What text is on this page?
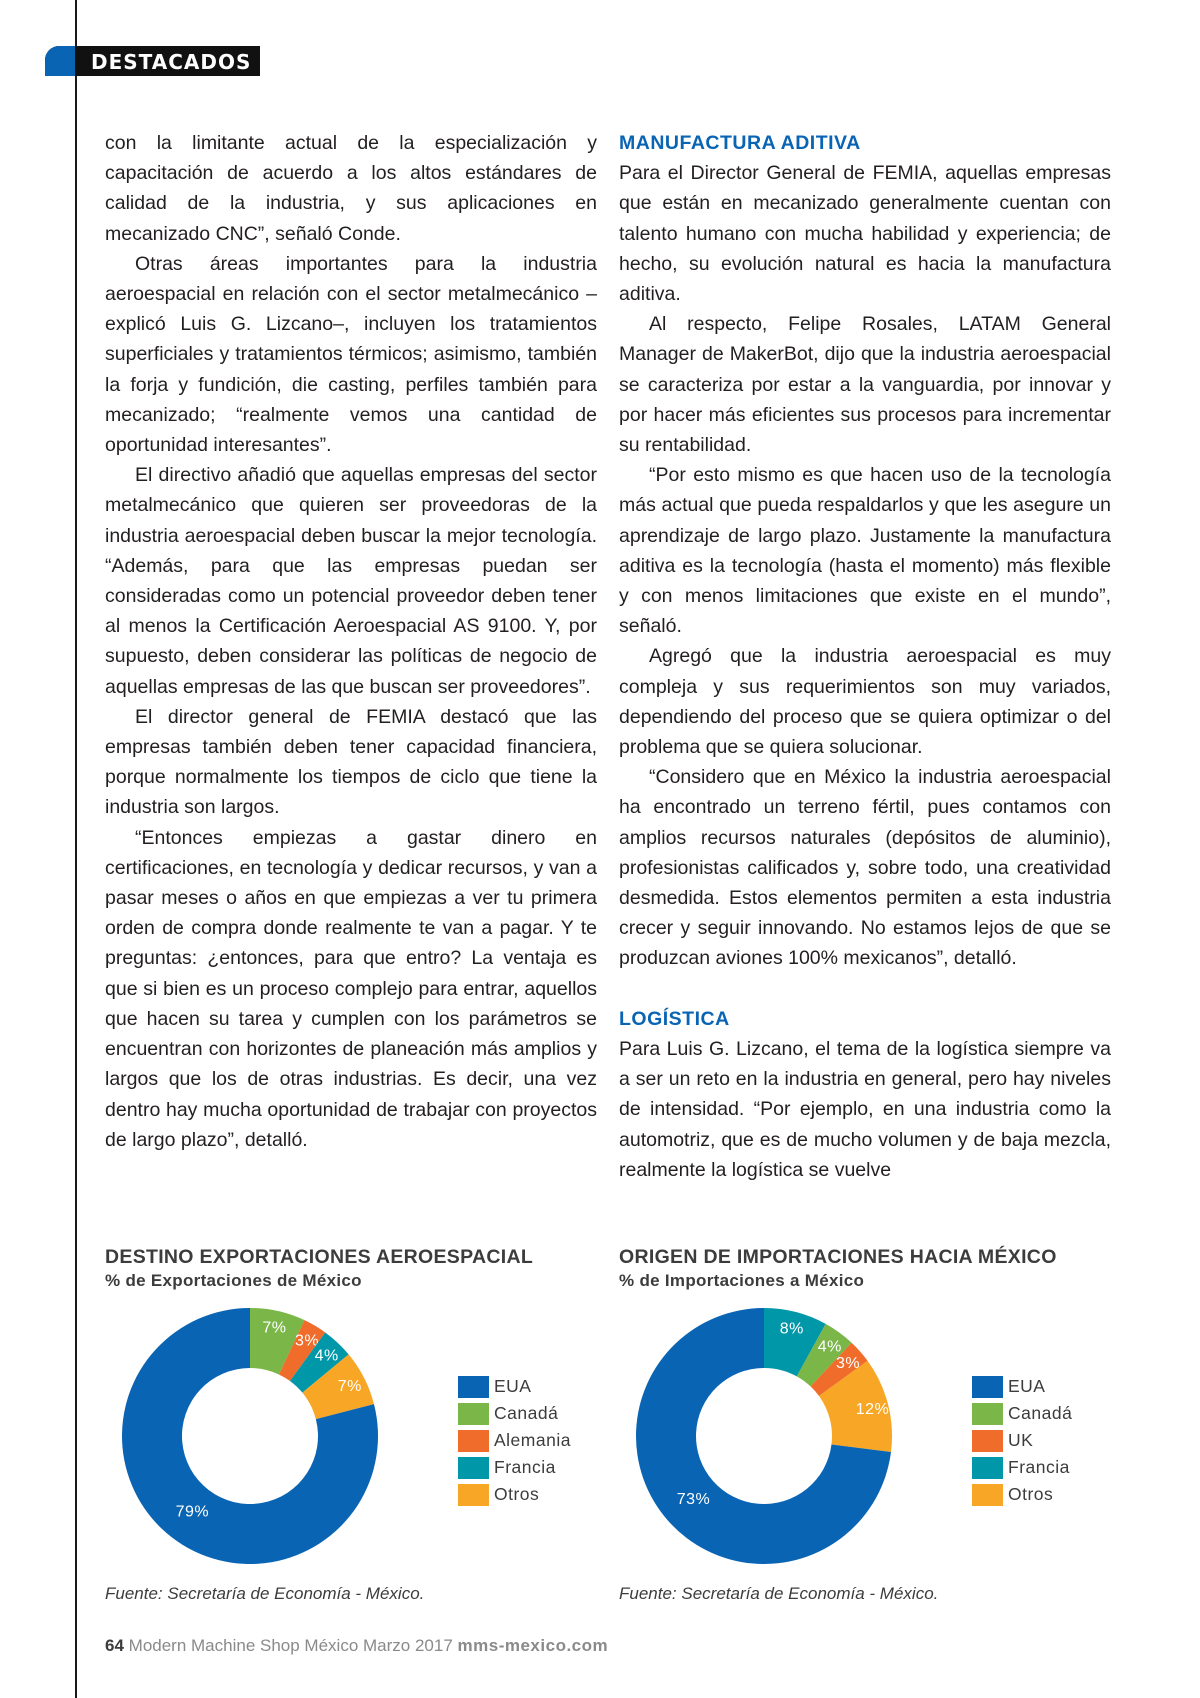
DESTACADOS

con la limitante actual de la especialización y capacitación de acuerdo a los altos estándares de calidad de la industria, y sus aplicaciones en mecanizado CNC”, señaló Conde.

Otras áreas importantes para la industria aeroespacial en relación con el sector metalmecánico –explicó Luis G. Lizcano–, incluyen los tratamientos superficiales y tratamientos térmicos; asimismo, también la forja y fundición, die casting, perfiles también para mecanizado; “realmente vemos una cantidad de oportunidad interesantes”.

El directivo añadió que aquellas empresas del sector metalmecánico que quieren ser proveedoras de la industria aeroespacial deben buscar la mejor tecnología. “Además, para que las empresas puedan ser consideradas como un potencial proveedor deben tener al menos la Certificación Aeroespacial AS 9100. Y, por supuesto, deben considerar las políticas de negocio de aquellas empresas de las que buscan ser proveedores”.

El director general de FEMIA destacó que las empresas también deben tener capacidad financiera, porque normalmente los tiempos de ciclo que tiene la industria son largos.

“Entonces empiezas a gastar dinero en certificaciones, en tecnología y dedicar recursos, y van a pasar meses o años en que empiezas a ver tu primera orden de compra donde realmente te van a pagar. Y te preguntas: ¿entonces, para que entro? La ventaja es que si bien es un proceso complejo para entrar, aquellos que hacen su tarea y cumplen con los parámetros se encuentran con horizontes de planeación más amplios y largos que los de otras industrias. Es decir, una vez dentro hay mucha oportunidad de trabajar con proyectos de largo plazo”, detalló.

MANUFACTURA ADITIVA

Para el Director General de FEMIA, aquellas empresas que están en mecanizado generalmente cuentan con talento humano con mucha habilidad y experiencia; de hecho, su evolución natural es hacia la manufactura aditiva.

Al respecto, Felipe Rosales, LATAM General Manager de MakerBot, dijo que la industria aeroespacial se caracteriza por estar a la vanguardia, por innovar y por hacer más eficientes sus procesos para incrementar su rentabilidad.

“Por esto mismo es que hacen uso de la tecnología más actual que pueda respaldarlos y que les asegure un aprendizaje de largo plazo. Justamente la manufactura aditiva es la tecnología (hasta el momento) más flexible y con menos limitaciones que existe en el mundo”, señaló.

Agregó que la industria aeroespacial es muy compleja y sus requerimientos son muy variados, dependiendo del proceso que se quiera optimizar o del problema que se quiera solucionar.

“Considero que en México la industria aeroespacial ha encontrado un terreno fértil, pues contamos con amplios recursos naturales (depósitos de aluminio), profesionistas calificados y, sobre todo, una creatividad desmedida. Estos elementos permiten a esta industria crecer y seguir innovando. No estamos lejos de que se produzcan aviones 100% mexicanos”, detalló.

LOGÍSTICA

Para Luis G. Lizcano, el tema de la logística siempre va a ser un reto en la industria en general, pero hay niveles de intensidad. “Por ejemplo, en una industria como la automotriz, que es de mucho volumen y de baja mezcla, realmente la logística se vuelve

DESTINO EXPORTACIONES AEROESPACIAL
% de Exportaciones de México
7%
3%
4%
7%
79%
EUA
Canadá
Alemania
Francia
Otros
Fuente: Secretaría de Economía - México.
ORIGEN DE IMPORTACIONES HACIA MÉXICO
% de Importaciones a México
8%
4%
3%
12%
73%
EUA
Canadá
UK
Francia
Otros
Fuente: Secretaría de Economía - México.
64 Modern Machine Shop México Marzo 2017 mms-mexico.com
